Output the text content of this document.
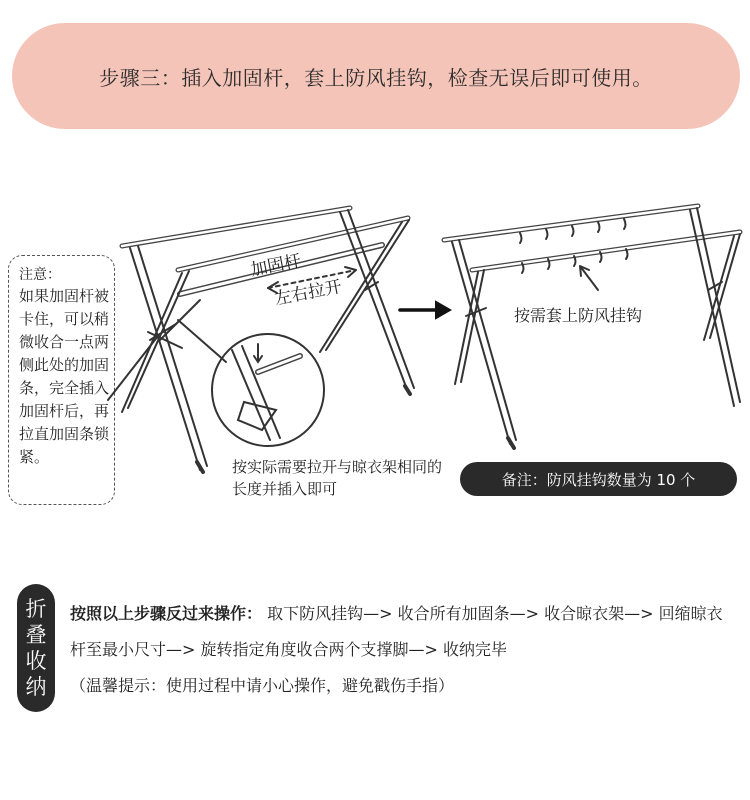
步骤三：插入加固杆，套上防风挂钩，检查无误后即可使用。
注意：
如果加固杆被卡住，可以稍微收合一点两侧此处的加固条，完全插入加固杆后，再拉直加固条锁紧。
加固杆
左右拉开
按需套上防风挂钩
按实际需要拉开与晾衣架相同的长度并插入即可
备注：防风挂钩数量为 10 个
折
叠
收
纳
按照以上步骤反过来操作： 取下防风挂钩—> 收合所有加固条—> 收合晾衣架—> 回缩晾衣杆至最小尺寸—> 旋转指定角度收合两个支撑脚—> 收纳完毕
（温馨提示：使用过程中请小心操作，避免戳伤手指）
